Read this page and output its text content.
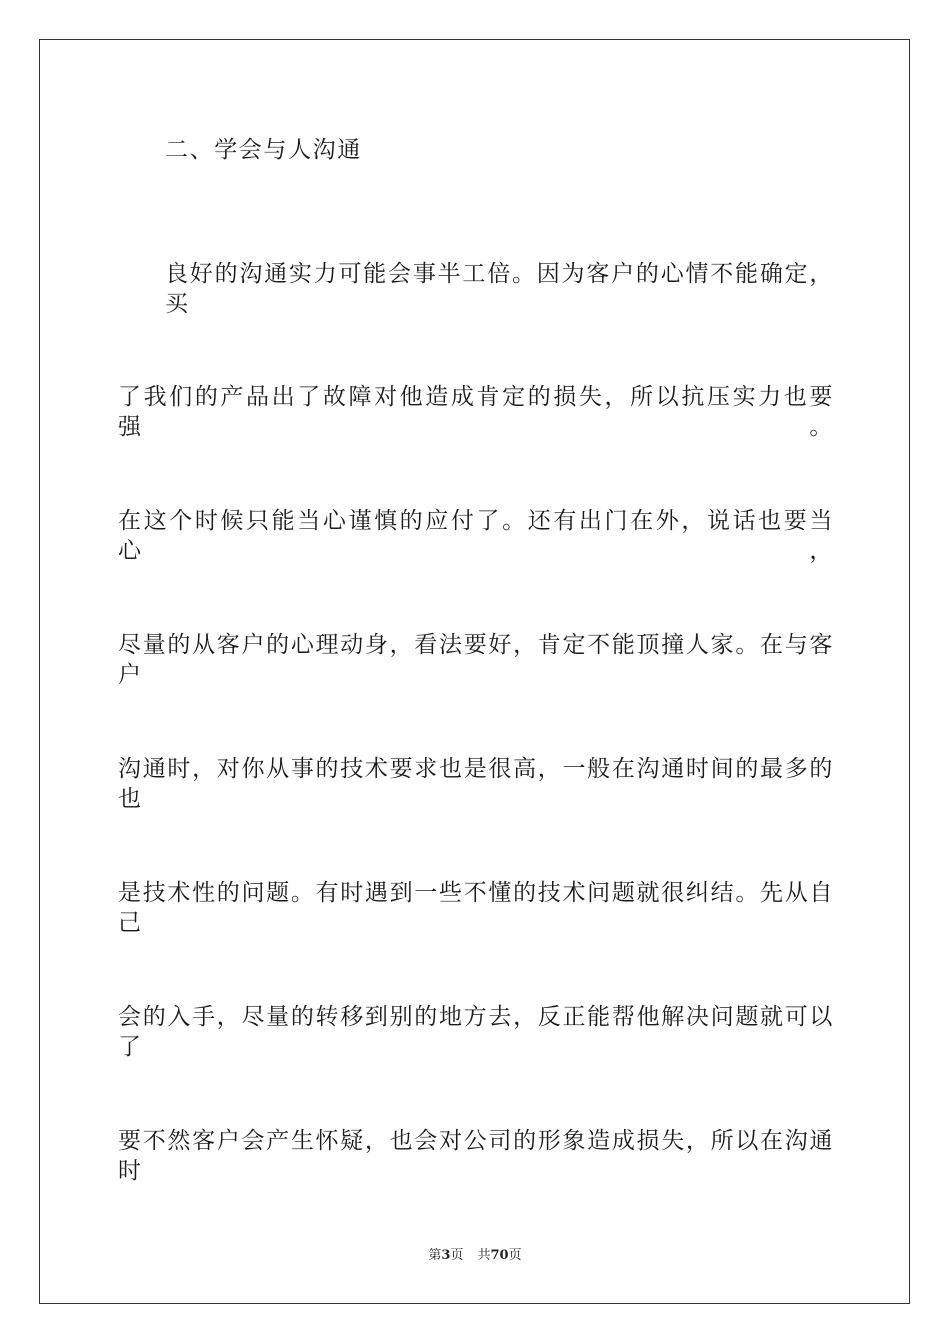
二、学会与人沟通
良好的沟通实力可能会事半工倍。因为客户的心情不能确定，买
了我们的产品出了故障对他造成肯定的损失，所以抗压实力也要强。
在这个时候只能当心谨慎的应付了。还有出门在外，说话也要当心，
尽量的从客户的心理动身，看法要好，肯定不能顶撞人家。在与客户
沟通时，对你从事的技术要求也是很高，一般在沟通时间的最多的也
是技术性的问题。有时遇到一些不懂的技术问题就很纠结。先从自己
会的入手，尽量的转移到别的地方去，反正能帮他解决问题就可以了
要不然客户会产生怀疑，也会对公司的形象造成损失，所以在沟通时
第3页 共70页
